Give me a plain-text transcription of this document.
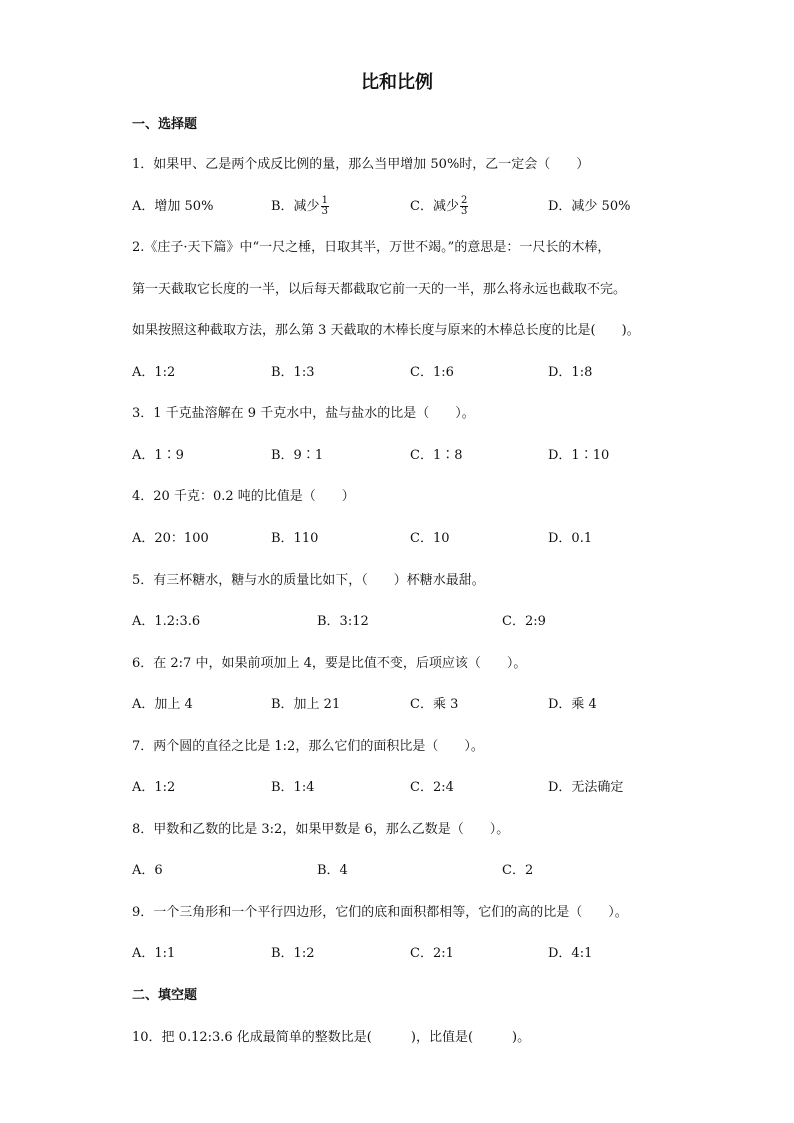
比和比例
一、选择题
1．如果甲、乙是两个成反比例的量，那么当甲增加 50%时，乙一定会（　　）
A．增加 50%	B．减少 $\frac{1}{3}$	C．减少 $\frac{2}{3}$	D．减少 50%
2.《庄子·天下篇》中“一尺之棰，日取其半，万世不竭。”的意思是：一尺长的木棒，
第一天截取它长度的一半，以后每天都截取它前一天的一半，那么将永远也截取不完。
如果按照这种截取方法，那么第 3 天截取的木棒长度与原来的木棒总长度的比是(　　)。
A．1:2	B．1:3	C．1:6	D．1:8
3．1 千克盐溶解在 9 千克水中，盐与盐水的比是（　　）。
A．1∶9	B．9∶1	C．1∶8	D．1∶10
4．20 千克：0.2 吨的比值是（　　）
A．20：100	B．110	C．10	D．0.1
5．有三杯糖水，糖与水的质量比如下，（　　）杯糖水最甜。
A．1.2:3.6	B．3:12	C．2:9
6．在 2:7 中，如果前项加上 4，要是比值不变，后项应该（　　）。
A．加上 4	B．加上 21	C．乘 3	D．乘 4
7．两个圆的直径之比是 1:2，那么它们的面积比是（　　）。
A．1:2	B．1:4	C．2:4	D．无法确定
8．甲数和乙数的比是 3:2，如果甲数是 6，那么乙数是（　　）。
A．6	B．4	C．2
9．一个三角形和一个平行四边形，它们的底和面积都相等，它们的高的比是（　　）。
A．1:1	B．1:2	C．2:1	D．4:1
二、填空题
10．把 0.12:3.6 化成最简单的整数比是(　　　)，比值是(　　　)。
